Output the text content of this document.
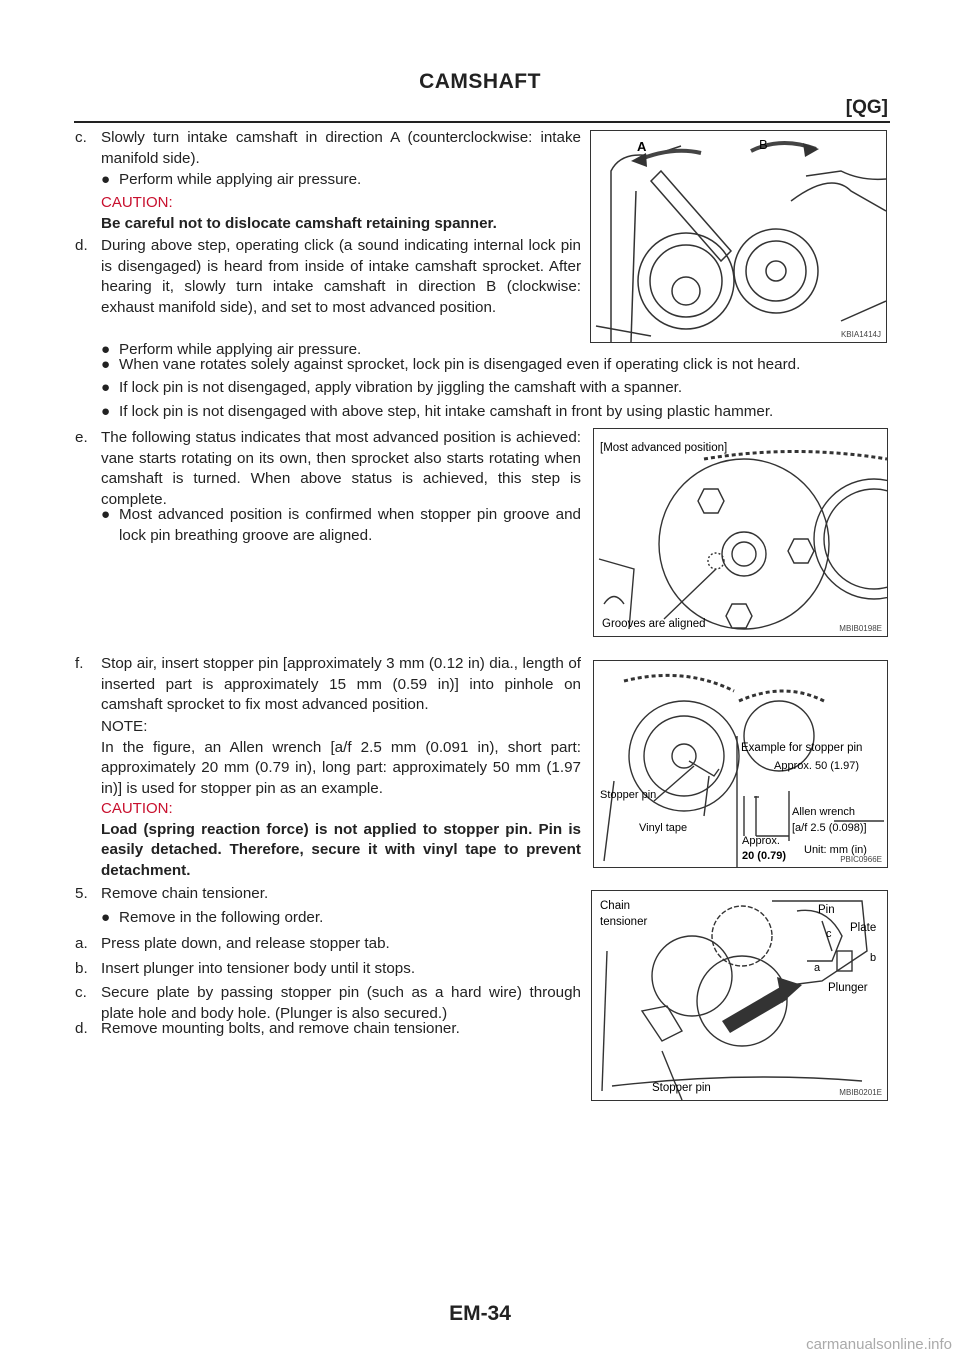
CAMSHAFT
[QG]
c. Slowly turn intake camshaft in direction A (counterclockwise: intake manifold side).
● Perform while applying air pressure.
CAUTION:
Be careful not to dislocate camshaft retaining spanner.
d. During above step, operating click (a sound indicating internal lock pin is disengaged) is heard from inside of intake camshaft sprocket. After hearing it, slowly turn intake camshaft in direction B (clockwise: exhaust manifold side), and set to most advanced position.
● Perform while applying air pressure.
● When vane rotates solely against sprocket, lock pin is disengaged even if operating click is not heard.
● If lock pin is not disengaged, apply vibration by jiggling the camshaft with a spanner.
● If lock pin is not disengaged with above step, hit intake camshaft in front by using plastic hammer.
e. The following status indicates that most advanced position is achieved: vane starts rotating on its own, then sprocket also starts rotating when camshaft is turned. When above status is achieved, this step is complete.
● Most advanced position is confirmed when stopper pin groove and lock pin breathing groove are aligned.
f. Stop air, insert stopper pin [approximately 3 mm (0.12 in) dia., length of inserted part is approximately 15 mm (0.59 in)] into pinhole on camshaft sprocket to fix most advanced position.
NOTE:
In the figure, an Allen wrench [a/f 2.5 mm (0.091 in), short part: approximately 20 mm (0.79 in), long part: approximately 50 mm (1.97 in)] is used for stopper pin as an example.
CAUTION:
Load (spring reaction force) is not applied to stopper pin. Pin is easily detached. Therefore, secure it with vinyl tape to prevent detachment.
5. Remove chain tensioner.
● Remove in the following order.
a. Press plate down, and release stopper tab.
b. Insert plunger into tensioner body until it stops.
c. Secure plate by passing stopper pin (such as a hard wire) through plate hole and body hole. (Plunger is also secured.)
d. Remove mounting bolts, and remove chain tensioner.
A	B
KBIA1414J
[Most advanced position]
Grooves are aligned	MBIB0198E
Example for stopper pin
Approx. 50 (1.97)
Allen wrench
[a/f 2.5 (0.098)]
Approx.
20 (0.79) Unit: mm (in)
Stopper pin
Vinyl tape
PBIC0966E
Chain
tensioner
Pin
Plate
c
b
a
Plunger
Stopper pin	MBIB0201E
EM-34
carmanualsonline.info
